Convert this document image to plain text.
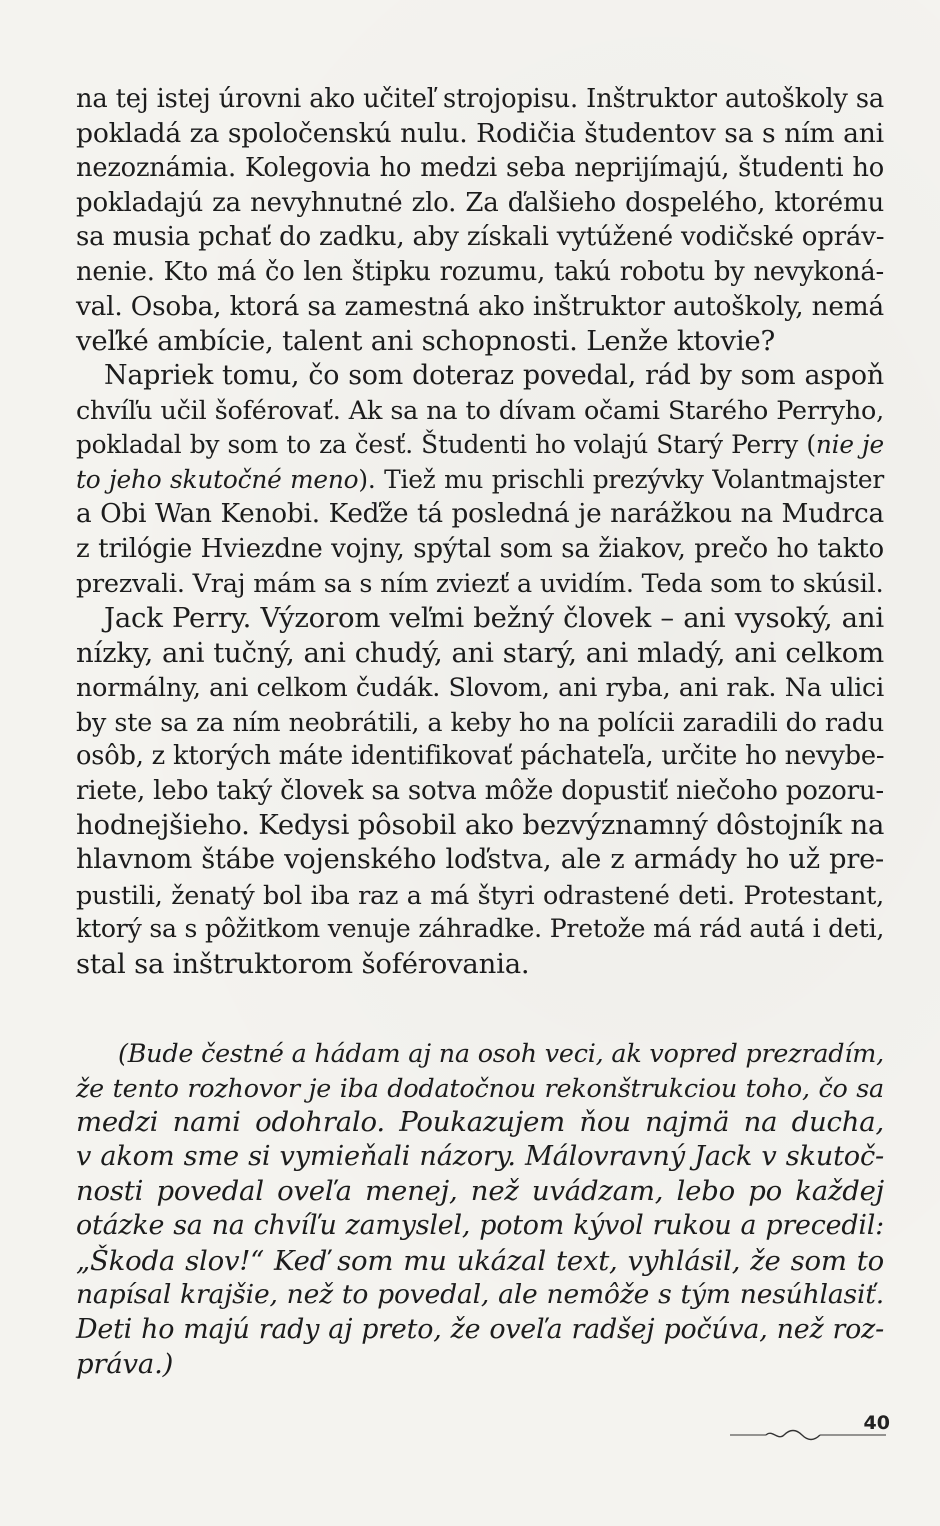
na tej istej úrovni ako učiteľ strojopisu. Inštruktor autoškoly sa
pokladá za spoločenskú nulu. Rodičia študentov sa s ním ani
nezoznámia. Kolegovia ho medzi seba neprijímajú, študenti ho
pokladajú za nevyhnutné zlo. Za ďalšieho dospelého, ktorému
sa musia pchať do zadku, aby získali vytúžené vodičské opráv-
nenie. Kto má čo len štipku rozumu, takú robotu by nevykoná-
val. Osoba, ktorá sa zamestná ako inštruktor autoškoly, nemá
veľké ambície, talent ani schopnosti. Lenže ktovie?
Napriek tomu, čo som doteraz povedal, rád by som aspoň
chvíľu učil šoférovať. Ak sa na to dívam očami Starého Perryho,
pokladal by som to za česť. Študenti ho volajú Starý Perry (nie je
to jeho skutočné meno). Tiež mu prischli prezývky Volantmajster
a Obi Wan Kenobi. Keďže tá posledná je narážkou na Mudrca
z trilógie Hviezdne vojny, spýtal som sa žiakov, prečo ho takto
prezvali. Vraj mám sa s ním zviezť a uvidím. Teda som to skúsil.
Jack Perry. Výzorom veľmi bežný človek – ani vysoký, ani
nízky, ani tučný, ani chudý, ani starý, ani mladý, ani celkom
normálny, ani celkom čudák. Slovom, ani ryba, ani rak. Na ulici
by ste sa za ním neobrátili, a keby ho na polícii zaradili do radu
osôb, z ktorých máte identifikovať páchateľa, určite ho nevybe-
riete, lebo taký človek sa sotva môže dopustiť niečoho pozoru-
hodnejšieho. Kedysi pôsobil ako bezvýznamný dôstojník na
hlavnom štábe vojenského loďstva, ale z armády ho už pre-
pustili, ženatý bol iba raz a má štyri odrastené deti. Protestant,
ktorý sa s pôžitkom venuje záhradke. Pretože má rád autá i deti,
stal sa inštruktorom šoférovania.
(Bude čestné a hádam aj na osoh veci, ak vopred prezradím,
že tento rozhovor je iba dodatočnou rekonštrukciou toho, čo sa
medzi nami odohralo. Poukazujem ňou najmä na ducha,
v akom sme si vymieňali názory. Málovravný Jack v skutoč-
nosti povedal oveľa menej, než uvádzam, lebo po každej
otázke sa na chvíľu zamyslel, potom kývol rukou a precedil:
„Škoda slov!“ Keď som mu ukázal text, vyhlásil, že som to
napísal krajšie, než to povedal, ale nemôže s tým nesúhlasiť.
Deti ho majú rady aj preto, že oveľa radšej počúva, než roz-
práva.)
40
